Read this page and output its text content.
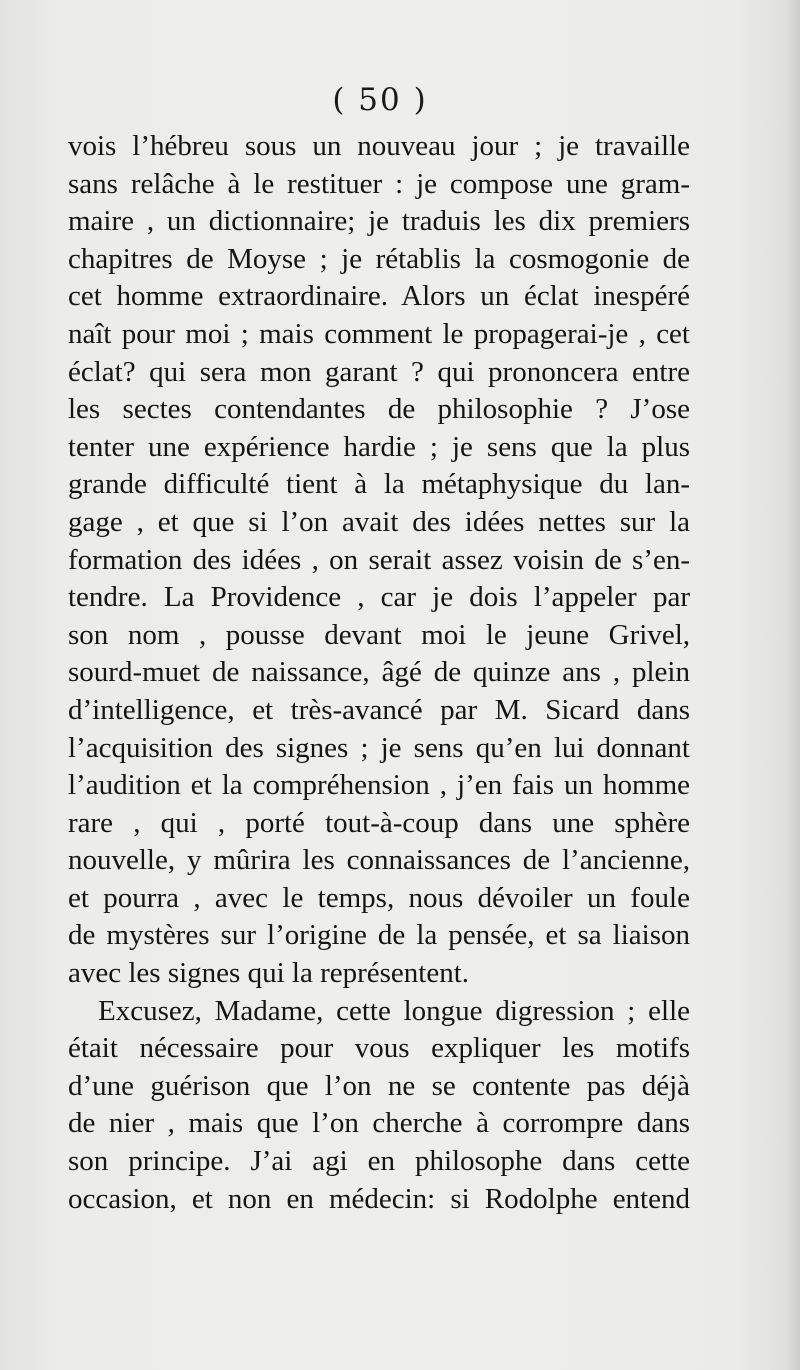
( 50 )

vois l’hébreu sous un nouveau jour ; je travaille
sans relâche à le restituer : je compose une gram-
maire , un dictionnaire; je traduis les dix premiers
chapitres de Moyse ; je rétablis la cosmogonie de
cet homme extraordinaire. Alors un éclat inespéré
naît pour moi ; mais comment le propagerai-je , cet
éclat? qui sera mon garant ? qui prononcera entre
les sectes contendantes de philosophie ? J’ose
tenter une expérience hardie ; je sens que la plus
grande difficulté tient à la métaphysique du lan-
gage , et que si l’on avait des idées nettes sur la
formation des idées , on serait assez voisin de s’en-
tendre. La Providence , car je dois l’appeler par
son nom , pousse devant moi le jeune Grivel,
sourd-muet de naissance, âgé de quinze ans , plein
d’intelligence, et très-avancé par M. Sicard dans
l’acquisition des signes ; je sens qu’en lui donnant
l’audition et la compréhension , j’en fais un homme
rare , qui , porté tout-à-coup dans une sphère
nouvelle, y mûrira les connaissances de l’ancienne,
et pourra , avec le temps, nous dévoiler un foule
de mystères sur l’origine de la pensée, et sa liaison
avec les signes qui la représentent.

Excusez, Madame, cette longue digression ; elle
était nécessaire pour vous expliquer les motifs
d’une guérison que l’on ne se contente pas déjà
de nier , mais que l’on cherche à corrompre dans
son principe. J’ai agi en philosophe dans cette
occasion, et non en médecin: si Rodolphe entend
